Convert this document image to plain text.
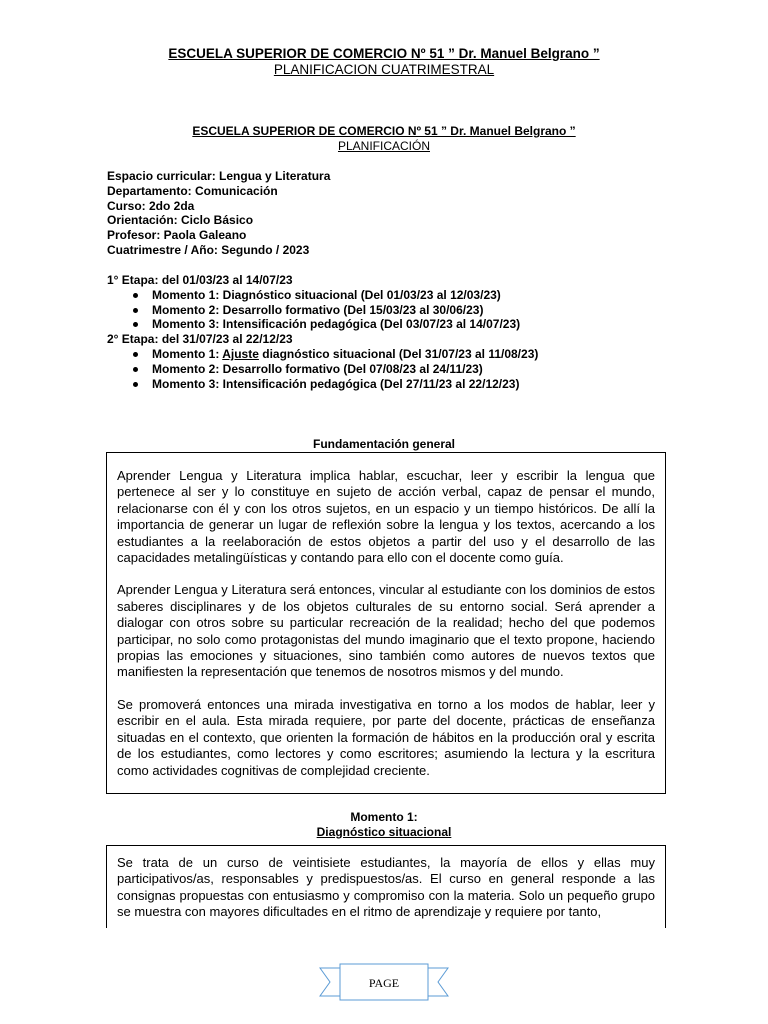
ESCUELA SUPERIOR DE COMERCIO Nº 51 ” Dr. Manuel Belgrano ”
PLANIFICACION CUATRIMESTRAL
ESCUELA SUPERIOR DE COMERCIO Nº 51 ” Dr. Manuel Belgrano ”
PLANIFICACIÓN
Espacio curricular: Lengua y Literatura
Departamento: Comunicación
Curso: 2do 2da
Orientación: Ciclo Básico
Profesor: Paola Galeano
Cuatrimestre / Año: Segundo / 2023
1° Etapa: del 01/03/23 al 14/07/23
Momento 1: Diagnóstico situacional (Del 01/03/23 al 12/03/23)
Momento 2: Desarrollo formativo (Del 15/03/23 al 30/06/23)
Momento 3: Intensificación pedagógica (Del 03/07/23 al 14/07/23)
2° Etapa: del 31/07/23 al 22/12/23
Momento 1: Ajuste diagnóstico situacional (Del 31/07/23 al 11/08/23)
Momento 2: Desarrollo formativo (Del 07/08/23 al 24/11/23)
Momento 3: Intensificación pedagógica (Del 27/11/23 al 22/12/23)
Fundamentación general

Aprender Lengua y Literatura implica hablar, escuchar, leer y escribir la lengua que pertenece al ser y lo constituye en sujeto de acción verbal, capaz de pensar el mundo, relacionarse con él y con los otros sujetos, en un espacio y un tiempo históricos. De allí la importancia de generar un lugar de reflexión sobre la lengua y los textos, acercando a los estudiantes a la reelaboración de estos objetos a partir del uso y el desarrollo de las capacidades metalingüísticas y contando para ello con el docente como guía.

Aprender Lengua y Literatura será entonces, vincular al estudiante con los dominios de estos saberes disciplinares y de los objetos culturales de su entorno social. Será aprender a dialogar con otros sobre su particular recreación de la realidad; hecho del que podemos participar, no solo como protagonistas del mundo imaginario que el texto propone, haciendo propias las emociones y situaciones, sino también como autores de nuevos textos que manifiesten la representación que tenemos de nosotros mismos y del mundo.

Se promoverá entonces una mirada investigativa en torno a los modos de hablar, leer y escribir en el aula. Esta mirada requiere, por parte del docente, prácticas de enseñanza situadas en el contexto, que orienten la formación de hábitos en la producción oral y escrita de los estudiantes, como lectores y como escritores; asumiendo la lectura y la escritura como actividades cognitivas de complejidad creciente.

Momento 1:
Diagnóstico situacional

Se trata de un curso de veintisiete estudiantes, la mayoría de ellos y ellas muy participativos/as, responsables y predispuestos/as. El curso en general responde a las consignas propuestas con entusiasmo y compromiso con la materia. Solo un pequeño grupo se muestra con mayores dificultades en el ritmo de aprendizaje y requiere por tanto,

PAGE
